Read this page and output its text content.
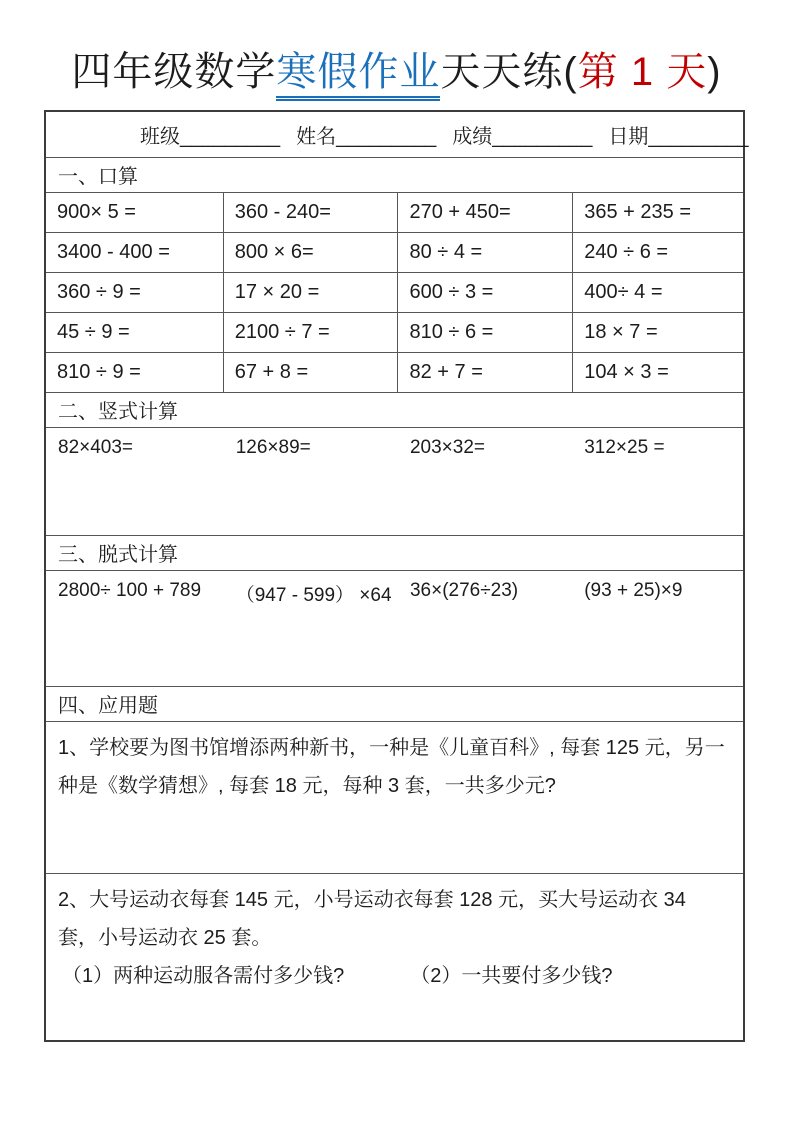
四年级数学寒假作业天天练(第 1 天)
班级_________ 姓名_________ 成绩_________ 日期_________			
一、口算			
900× 5 =	360 - 240=	270 + 450=	365 + 235 =
3400 - 400 =	800 × 6=	80 ÷ 4 =	240 ÷ 6 =
360 ÷ 9 =	17 × 20 =	600 ÷ 3 =	400÷ 4 =
45 ÷ 9 =	2100 ÷ 7 =	810 ÷ 6 =	18 × 7 =
810 ÷ 9 =	67 + 8 =	82 + 7 =	104 × 3 =
二、竖式计算			

82×403= 126×89= 203×32= 312×25 =			

三、脱式计算			

2800÷ 100 + 789 （947 - 599） ×64 36×(276÷23) (93 + 25)×9			

四、应用题			
1、学校要为图书馆增添两种新书，一种是《儿童百科》, 每套 125 元，另一种是《数学猜想》, 每套 18 元，每种 3 套，一共多少元?			

2、大号运动衣每套 145 元，小号运动衣每套 128 元，买大号运动衣 34 套，小号运动衣 25 套。
（1）两种运动服各需付多少钱? （2）一共要付多少钱?			
